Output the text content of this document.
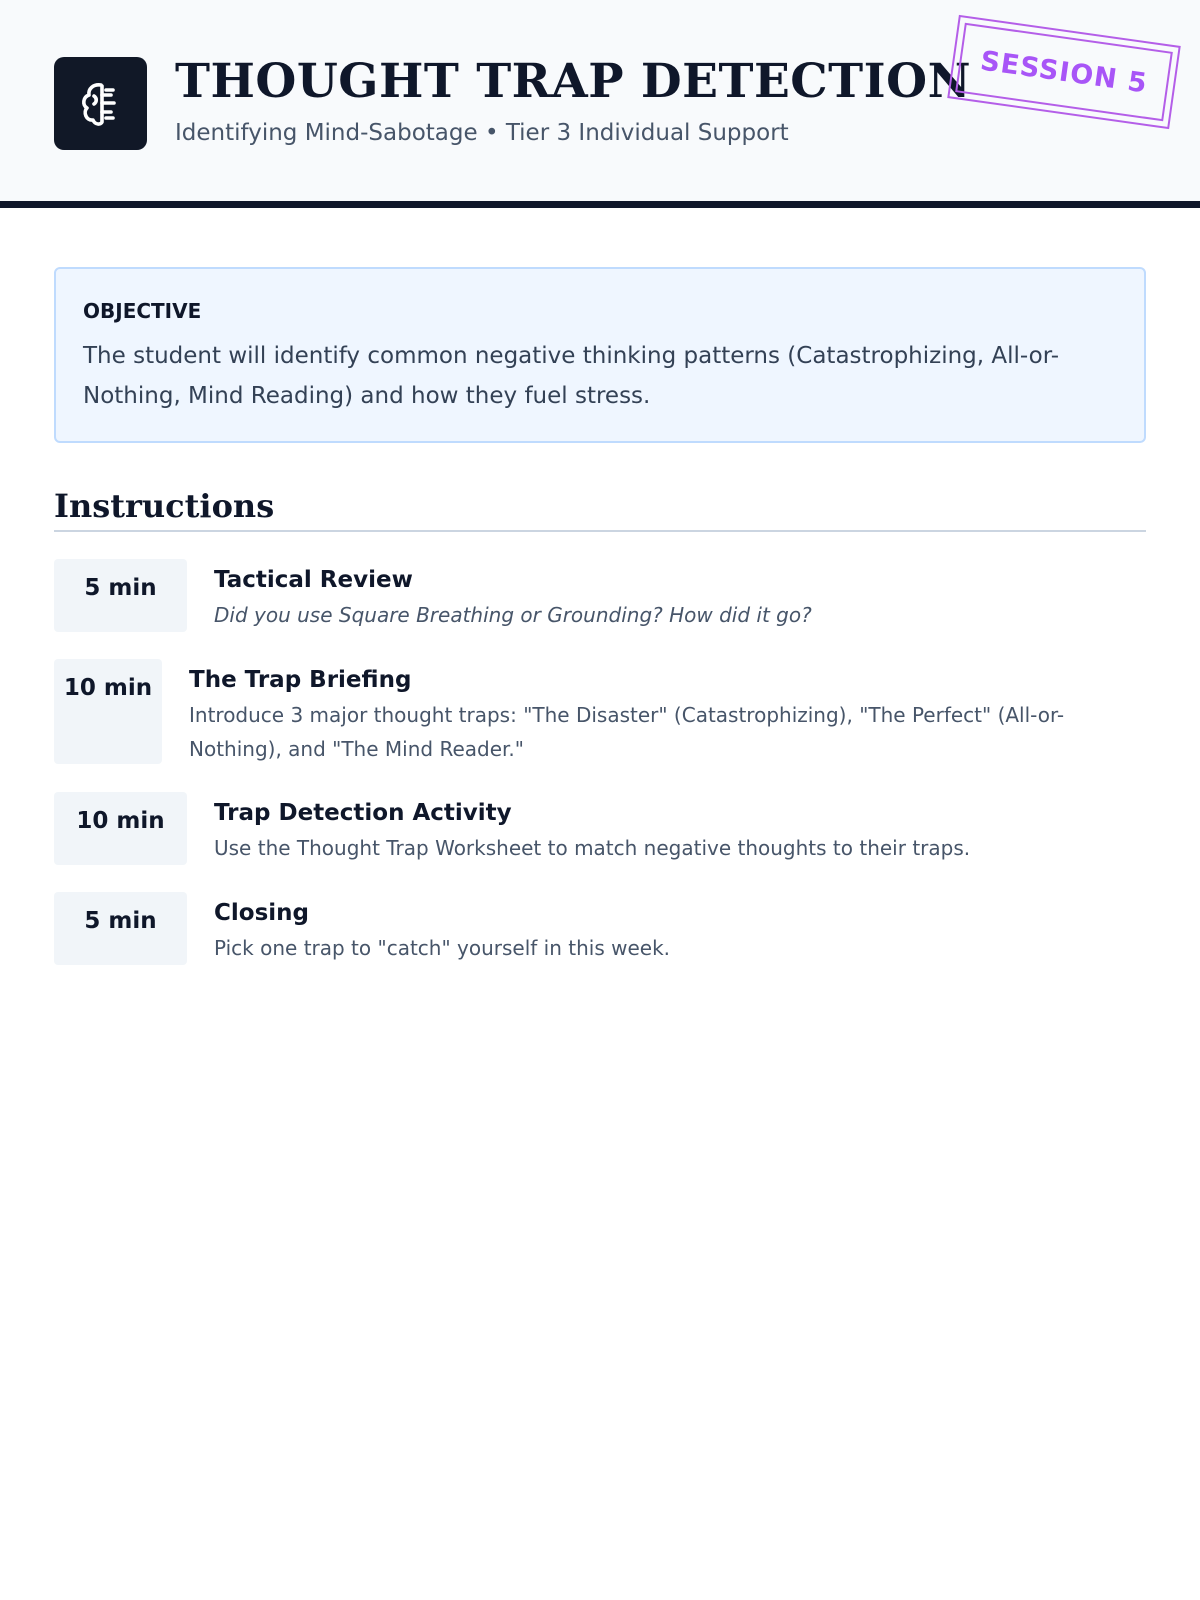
THOUGHT TRAP DETECTION
Identifying Mind-Sabotage • Tier 3 Individual Support
SESSION 5
OBJECTIVE
The student will identify common negative thinking patterns (Catastrophizing, All-or-Nothing, Mind Reading) and how they fuel stress.
Instructions
5 min	Tactical Review
Did you use Square Breathing or Grounding? How did it go?
10 min	The Trap Briefing
Introduce 3 major thought traps: "The Disaster" (Catastrophizing), "The Perfect" (All-or-Nothing), and "The Mind Reader."
10 min	Trap Detection Activity
Use the Thought Trap Worksheet to match negative thoughts to their traps.
5 min	Closing
Pick one trap to "catch" yourself in this week.
